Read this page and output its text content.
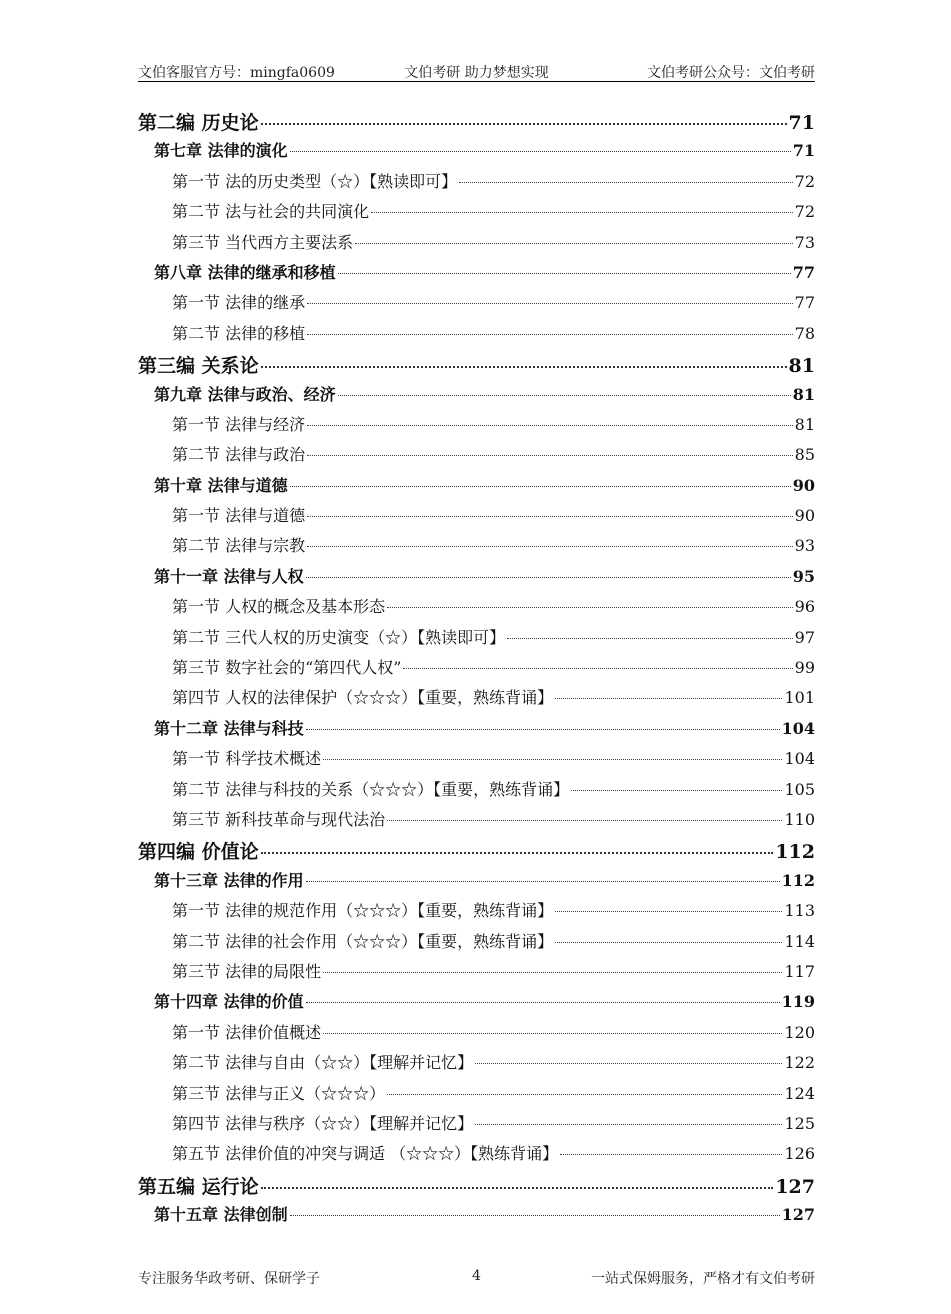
文伯客服官方号：mingfa0609	文伯考研 助力梦想实现	文伯考研公众号：文伯考研
第二编 历史论	71
第七章 法律的演化	71
第一节 法的历史类型（☆）【熟读即可】	72
第二节 法与社会的共同演化	72
第三节 当代西方主要法系	73
第八章 法律的继承和移植	77
第一节 法律的继承	77
第二节 法律的移植	78
第三编 关系论	81
第九章 法律与政治、经济	81
第一节 法律与经济	81
第二节 法律与政治	85
第十章 法律与道德	90
第一节 法律与道德	90
第二节 法律与宗教	93
第十一章 法律与人权	95
第一节 人权的概念及基本形态	96
第二节 三代人权的历史演变（☆）【熟读即可】	97
第三节 数字社会的“第四代人权”	99
第四节 人权的法律保护（☆☆☆）【重要，熟练背诵】	101
第十二章 法律与科技	104
第一节 科学技术概述	104
第二节 法律与科技的关系（☆☆☆）【重要，熟练背诵】	105
第三节 新科技革命与现代法治	110
第四编 价值论	112
第十三章 法律的作用	112
第一节 法律的规范作用（☆☆☆）【重要，熟练背诵】	113
第二节 法律的社会作用（☆☆☆）【重要，熟练背诵】	114
第三节 法律的局限性	117
第十四章 法律的价值	119
第一节 法律价值概述	120
第二节 法律与自由（☆☆）【理解并记忆】	122
第三节 法律与正义（☆☆☆）	124
第四节 法律与秩序（☆☆）【理解并记忆】	125
第五节 法律价值的冲突与调适 （☆☆☆）【熟练背诵】	126
第五编 运行论	127
第十五章 法律创制	127
专注服务华政考研、保研学子	4	一站式保姆服务，严格才有文伯考研
